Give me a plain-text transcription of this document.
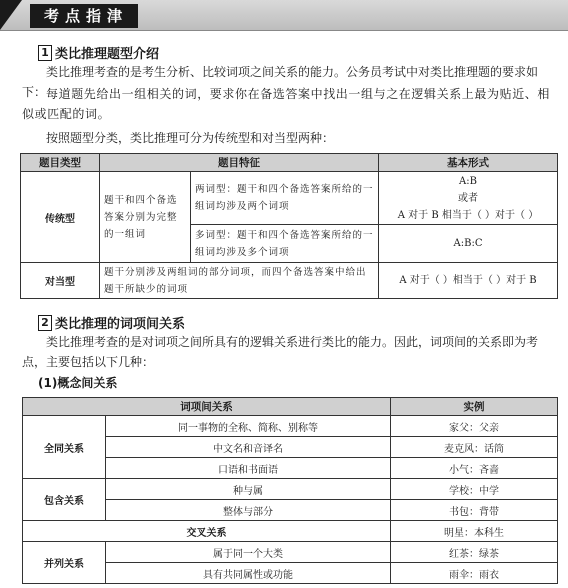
考点指津
1 类比推理题型介绍
类比推理考查的是考生分析、比较词项之间关系的能力。公务员考试中对类比推理题的要求如下： 每道题先给出一组相关的词，要求你在备选答案中找出一组与之在逻辑关系上最为贴近、相似或匹配的词。
按照题型分类，类比推理可分为传统型和对当型两种：
题目类型	题目特征		基本形式
传统型	题干和四个备选答案分别为完整的一组词	两词型：题干和四个备选答案所给的一组词均涉及两个词项	A:B
或者
A 对于 B 相当于（ ）对于（ ）

		多词型：题干和四个备选答案所给的一组词均涉及多个词项	A:B:C
对当型	题干分别涉及两组词的部分词项，而四个备选答案中给出题干所缺少的词项		A 对于（ ）相当于（ ）对于 B
2 类比推理的词项间关系
类比推理考查的是对词项之间所具有的逻辑关系进行类比的能力。因此，词项间的关系即为考点，主要包括以下几种：
(1)概念间关系
词项间关系		实例
全同关系	同一事物的全称、简称、别称等	家父：父亲
	中文名和音译名	麦克风：话筒
	口语和书面语	小气：吝啬
包含关系	种与属	学校：中学
	整体与部分	书包：背带
交叉关系		明星：本科生
并列关系	属于同一个大类	红茶：绿茶
	具有共同属性或功能	雨伞：雨衣
